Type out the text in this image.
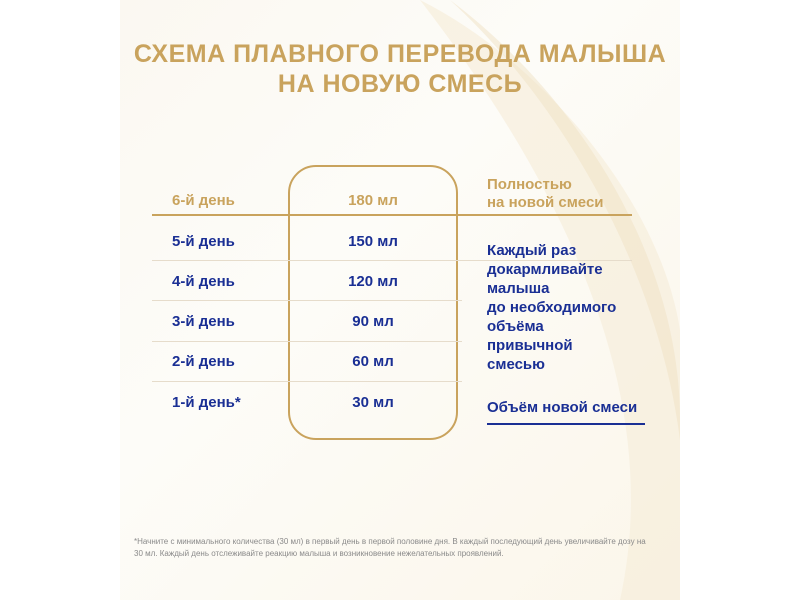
СХЕМА ПЛАВНОГО ПЕРЕВОДА МАЛЫША
НА НОВУЮ СМЕСЬ
6-й день	180 мл
5-й день	150 мл
4-й день	120 мл
3-й день	90 мл
2-й день	60 мл
1-й день*	30 мл
Полностью
на новой смеси
Каждый раз
докармливайте
малыша
до необходимого
объёма
привычной
смесью
Объём новой смеси
*Начните с минимального количества (30 мл) в первый день в первой половине дня. В каждый последующий день увеличивайте дозу на 30 мл. Каждый день отслеживайте реакцию малыша и возникновение нежелательных проявлений.
